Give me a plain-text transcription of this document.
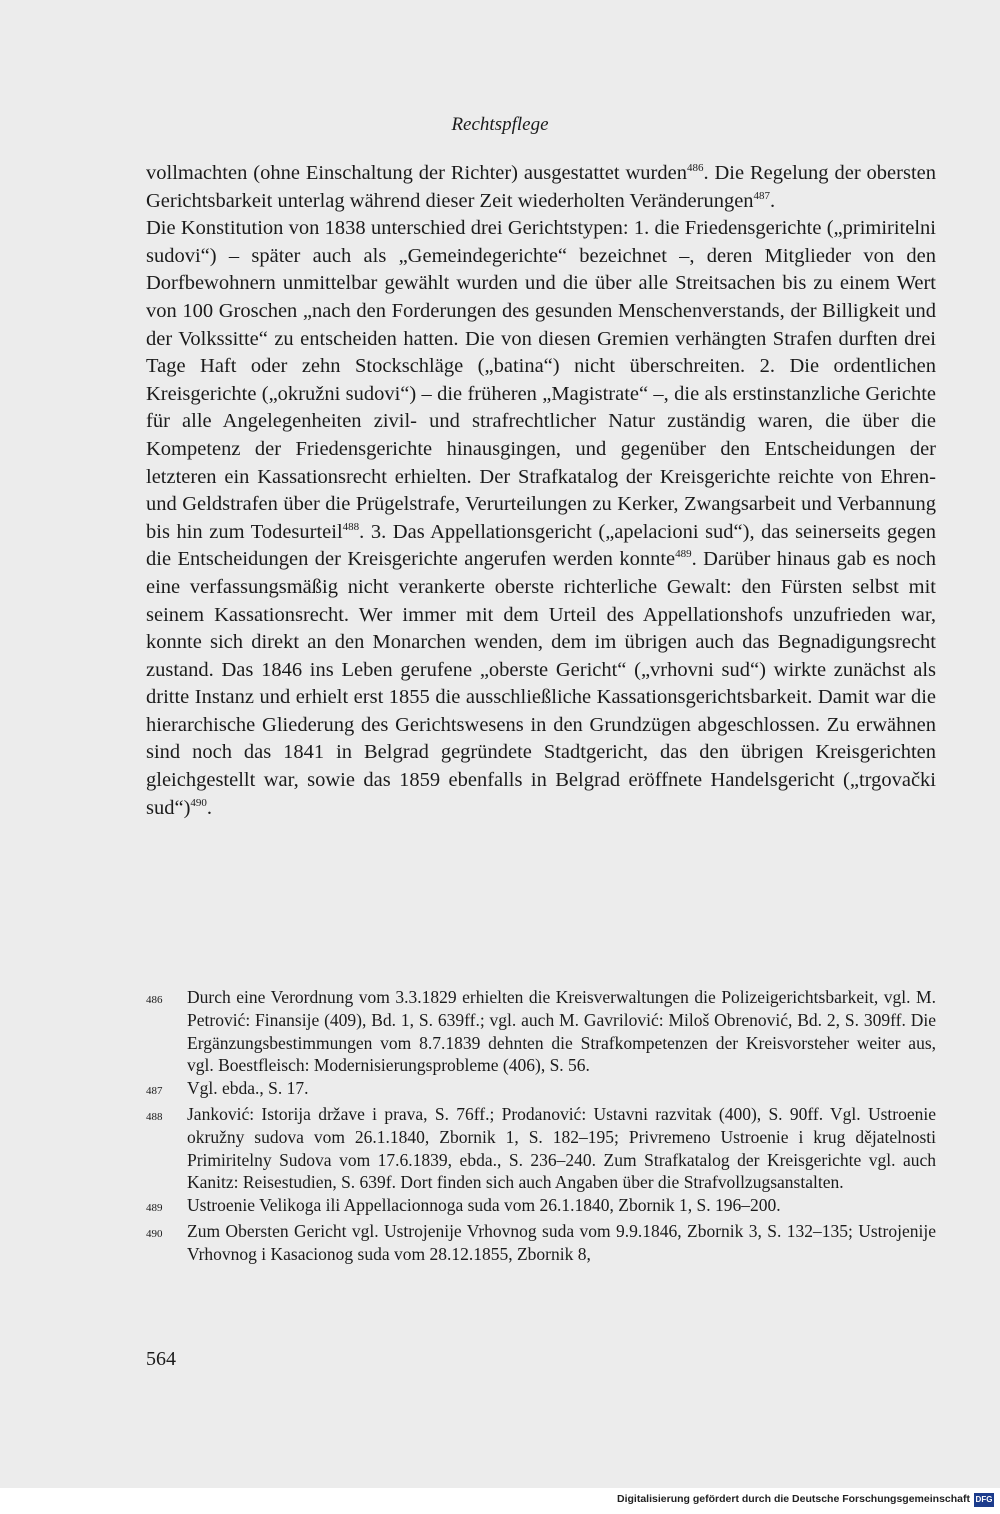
Rechtspflege

vollmachten (ohne Einschaltung der Richter) ausgestattet wurden$^{486}$. Die Regelung der obersten Gerichtsbarkeit unterlag während dieser Zeit wiederholten Veränderungen$^{487}$.

Die Konstitution von 1838 unterschied drei Gerichtstypen: 1. die Friedensgerichte („primiritelni sudovi“) – später auch als „Gemeindegerichte“ bezeichnet –, deren Mitglieder von den Dorfbewohnern unmittelbar gewählt wurden und die über alle Streitsachen bis zu einem Wert von 100 Groschen „nach den Forderungen des gesunden Menschenverstands, der Billigkeit und der Volkssitte“ zu entscheiden hatten. Die von diesen Gremien verhängten Strafen durften drei Tage Haft oder zehn Stockschläge („batina“) nicht überschreiten. 2. Die ordentlichen Kreisgerichte („okružni sudovi“) – die früheren „Magistrate“ –, die als erstinstanzliche Gerichte für alle Angelegenheiten zivil- und strafrechtlicher Natur zuständig waren, die über die Kompetenz der Friedensgerichte hinausgingen, und gegenüber den Entscheidungen der letzteren ein Kassationsrecht erhielten. Der Strafkatalog der Kreisgerichte reichte von Ehren- und Geldstrafen über die Prügelstrafe, Verurteilungen zu Kerker, Zwangsarbeit und Verbannung bis hin zum Todesurteil$^{488}$. 3. Das Appellationsgericht („apelacioni sud“), das seinerseits gegen die Entscheidungen der Kreisgerichte angerufen werden konnte$^{489}$. Darüber hinaus gab es noch eine verfassungsmäßig nicht verankerte oberste richterliche Gewalt: den Fürsten selbst mit seinem Kassationsrecht. Wer immer mit dem Urteil des Appellationshofs unzufrieden war, konnte sich direkt an den Monarchen wenden, dem im übrigen auch das Begnadigungsrecht zustand. Das 1846 ins Leben gerufene „oberste Gericht“ („vrhovni sud“) wirkte zunächst als dritte Instanz und erhielt erst 1855 die ausschließliche Kassationsgerichtsbarkeit. Damit war die hierarchische Gliederung des Gerichtswesens in den Grundzügen abgeschlossen. Zu erwähnen sind noch das 1841 in Belgrad gegründete Stadtgericht, das den übrigen Kreisgerichten gleichgestellt war, sowie das 1859 ebenfalls in Belgrad eröffnete Handelsgericht („trgovački sud“)$^{490}$.

486	Durch eine Verordnung vom 3.3.1829 erhielten die Kreisverwaltungen die Polizeigerichtsbarkeit, vgl. M. Petrović: Finansije (409), Bd. 1, S. 639ff.; vgl. auch M. Gavrilović: Miloš Obrenović, Bd. 2, S. 309ff. Die Ergänzungsbestimmungen vom 8.7.1839 dehnten die Strafkompetenzen der Kreisvorsteher weiter aus, vgl. Boestfleisch: Modernisierungsprobleme (406), S. 56.
487	Vgl. ebda., S. 17.
488	Janković: Istorija države i prava, S. 76ff.; Prodanović: Ustavni razvitak (400), S. 90ff. Vgl. Ustroenie okružny sudova vom 26.1.1840, Zbornik 1, S. 182–195; Privremeno Ustroenie i krug dějatelnosti Primiritelny Sudova vom 17.6.1839, ebda., S. 236–240. Zum Strafkatalog der Kreisgerichte vgl. auch Kanitz: Reisestudien, S. 639f. Dort finden sich auch Angaben über die Strafvollzugsanstalten.
489	Ustroenie Velikoga ili Appellacionnoga suda vom 26.1.1840, Zbornik 1, S. 196–200.
490	Zum Obersten Gericht vgl. Ustrojenije Vrhovnog suda vom 9.9.1846, Zbornik 3, S. 132–135; Ustrojenije Vrhovnog i Kasacionog suda vom 28.12.1855, Zbornik 8,
564
Digitalisierung gefördert durch die Deutsche Forschungsgemeinschaft DFG
